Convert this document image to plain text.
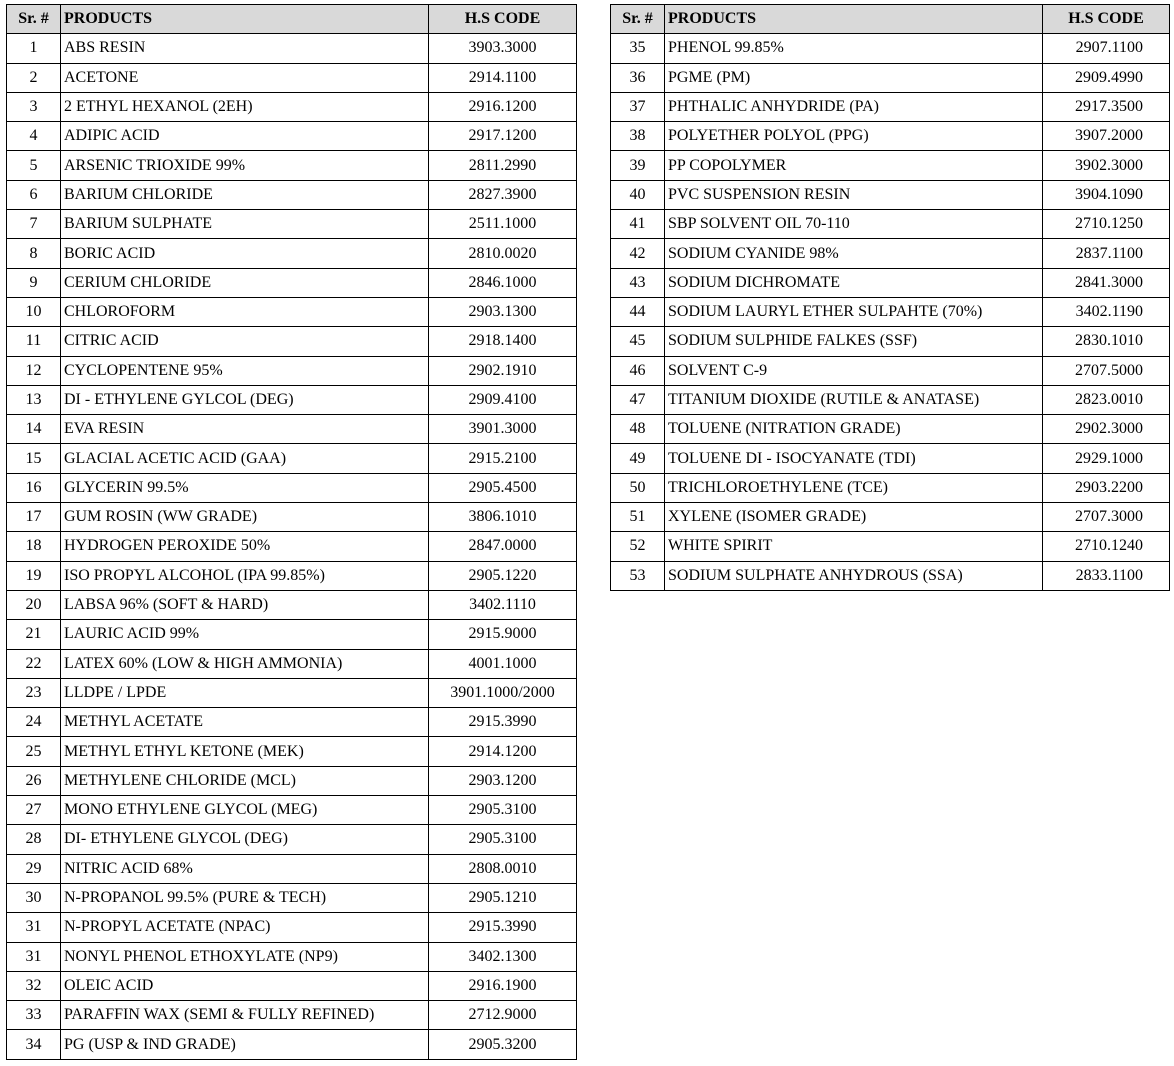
Sr. #	PRODUCTS	H.S CODE
1	ABS RESIN	3903.3000
2	ACETONE	2914.1100
3	2 ETHYL HEXANOL (2EH)	2916.1200
4	ADIPIC ACID	2917.1200
5	ARSENIC TRIOXIDE 99%	2811.2990
6	BARIUM CHLORIDE	2827.3900
7	BARIUM SULPHATE	2511.1000
8	BORIC ACID	2810.0020
9	CERIUM CHLORIDE	2846.1000
10	CHLOROFORM	2903.1300
11	CITRIC ACID	2918.1400
12	CYCLOPENTENE 95%	2902.1910
13	DI - ETHYLENE GYLCOL (DEG)	2909.4100
14	EVA RESIN	3901.3000
15	GLACIAL ACETIC ACID (GAA)	2915.2100
16	GLYCERIN 99.5%	2905.4500
17	GUM ROSIN (WW GRADE)	3806.1010
18	HYDROGEN PEROXIDE 50%	2847.0000
19	ISO PROPYL ALCOHOL (IPA 99.85%)	2905.1220
20	LABSA 96% (SOFT & HARD)	3402.1110
21	LAURIC ACID 99%	2915.9000
22	LATEX 60% (LOW & HIGH AMMONIA)	4001.1000
23	LLDPE / LPDE	3901.1000/2000
24	METHYL ACETATE	2915.3990
25	METHYL ETHYL KETONE (MEK)	2914.1200
26	METHYLENE CHLORIDE (MCL)	2903.1200
27	MONO ETHYLENE GLYCOL (MEG)	2905.3100
28	DI- ETHYLENE GLYCOL (DEG)	2905.3100
29	NITRIC ACID 68%	2808.0010
30	N-PROPANOL 99.5% (PURE & TECH)	2905.1210
31	N-PROPYL ACETATE (NPAC)	2915.3990
31	NONYL PHENOL ETHOXYLATE (NP9)	3402.1300
32	OLEIC ACID	2916.1900
33	PARAFFIN WAX (SEMI & FULLY REFINED)	2712.9000
34	PG (USP & IND GRADE)	2905.3200
Sr. #	PRODUCTS	H.S CODE
35	PHENOL 99.85%	2907.1100
36	PGME (PM)	2909.4990
37	PHTHALIC ANHYDRIDE (PA)	2917.3500
38	POLYETHER POLYOL (PPG)	3907.2000
39	PP COPOLYMER	3902.3000
40	PVC SUSPENSION RESIN	3904.1090
41	SBP SOLVENT OIL 70-110	2710.1250
42	SODIUM CYANIDE 98%	2837.1100
43	SODIUM DICHROMATE	2841.3000
44	SODIUM LAURYL ETHER SULPAHTE (70%)	3402.1190
45	SODIUM SULPHIDE FALKES (SSF)	2830.1010
46	SOLVENT C-9	2707.5000
47	TITANIUM DIOXIDE (RUTILE & ANATASE)	2823.0010
48	TOLUENE (NITRATION GRADE)	2902.3000
49	TOLUENE DI - ISOCYANATE (TDI)	2929.1000
50	TRICHLOROETHYLENE (TCE)	2903.2200
51	XYLENE (ISOMER GRADE)	2707.3000
52	WHITE SPIRIT	2710.1240
53	SODIUM SULPHATE ANHYDROUS (SSA)	2833.1100
